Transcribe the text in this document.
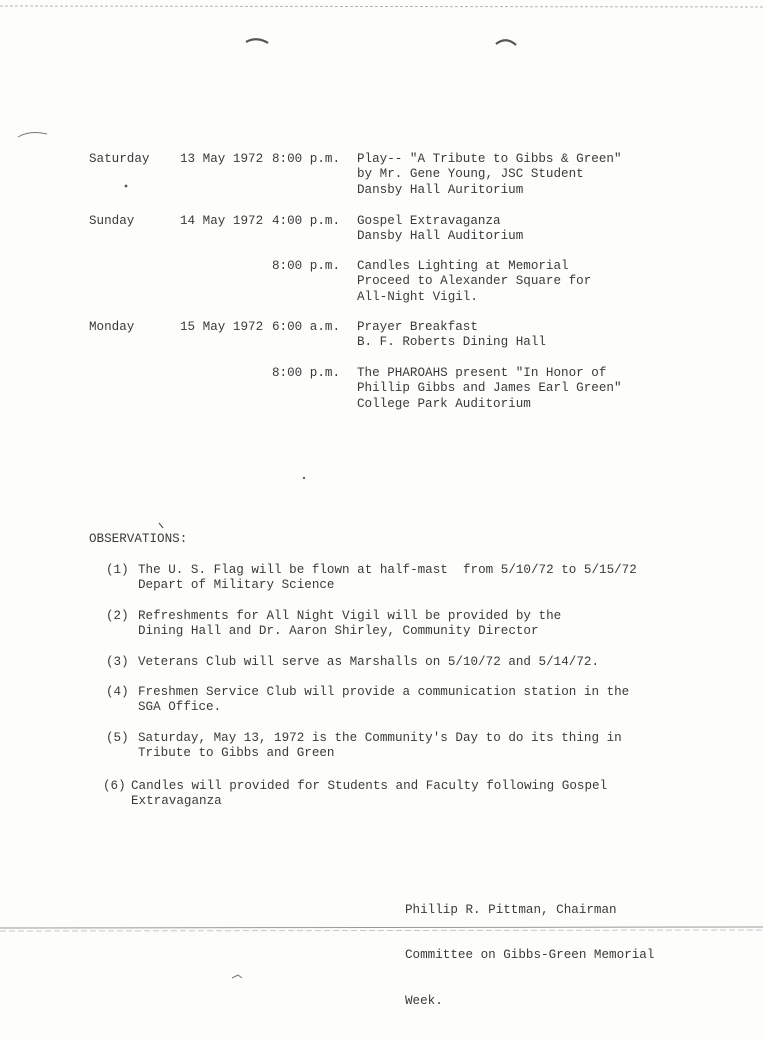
Saturday 13 May 1972 8:00 p.m. Play-- "A Tribute to Gibbs & Green"
by Mr. Gene Young, JSC Student
Dansby Hall Auritorium
Sunday	14 May 1972 4:00 p.m. Gospel Extravaganza
Dansby Hall Auditorium
8:00 p.m. Candles Lighting at Memorial
Proceed to Alexander Square for
All-Night Vigil.
Monday	15 May 1972 6:00 a.m. Prayer Breakfast
B. F. Roberts Dining Hall
8:00 p.m. The PHAROAHS present "In Honor of
Phillip Gibbs and James Earl Green"
College Park Auditorium
OBSERVATIONS:
(1) The U. S. Flag will be flown at half-mast  from 5/10/72 to 5/15/72
Depart of Military Science
(2) Refreshments for All Night Vigil will be provided by the
Dining Hall and Dr. Aaron Shirley, Community Director
(3) Veterans Club will serve as Marshalls on 5/10/72 and 5/14/72.
(4) Freshmen Service Club will provide a communication station in the
SGA Office.
(5) Saturday, May 13, 1972 is the Community's Day to do its thing in
Tribute to Gibbs and Green
(6) Candles will provided for Students and Faculty following Gospel
Extravaganza

Phillip R. Pittman, Chairman

Committee on Gibbs-Green Memorial

Week.
